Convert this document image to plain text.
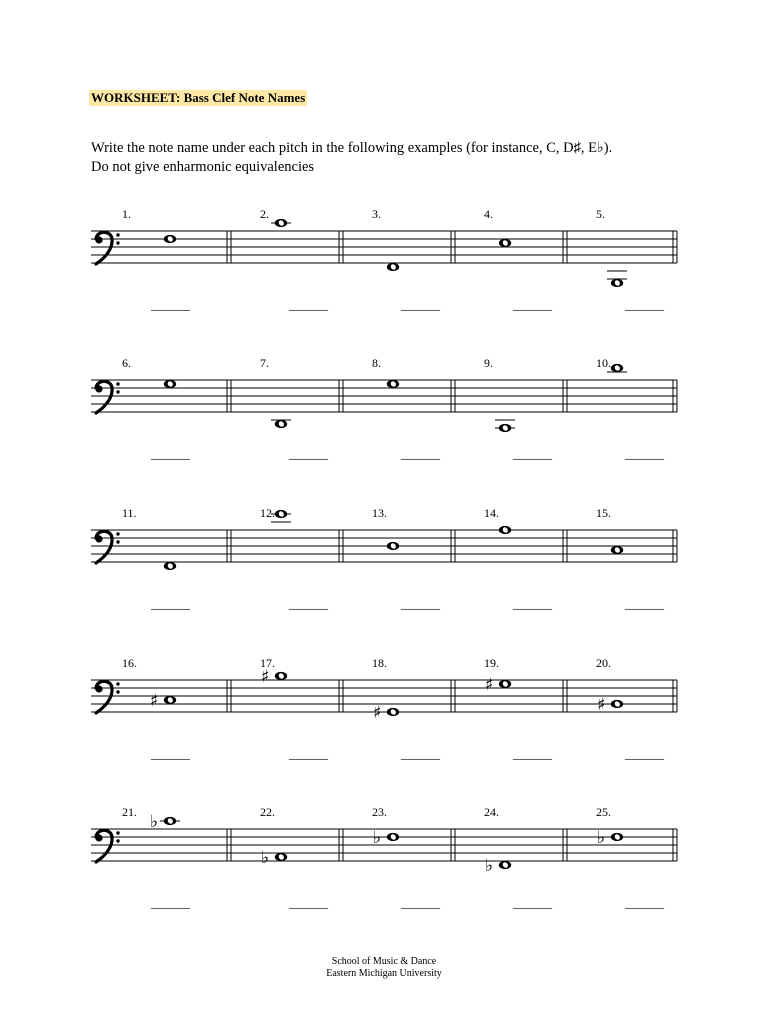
WORKSHEET: Bass Clef Note Names
Write the note name under each pitch in the following examples (for instance, C, D♯, E♭).
Do not give enharmonic equivalencies
1.
______
2.
______
3.
______
4.
______
5.
______
6.
______
7.
______
8.
______
9.
______
10.
______
11.
______
12.
______
13.
______
14.
______
15.
______
16.
______
♯
17.
______
♯
18.
______
♯
19.
______
♯
20.
______
♯
21.
______
♭	22.
______
♭
23.
______
♭
24.
______
♭
25.
______
♭
School of Music & Dance
Eastern Michigan University
